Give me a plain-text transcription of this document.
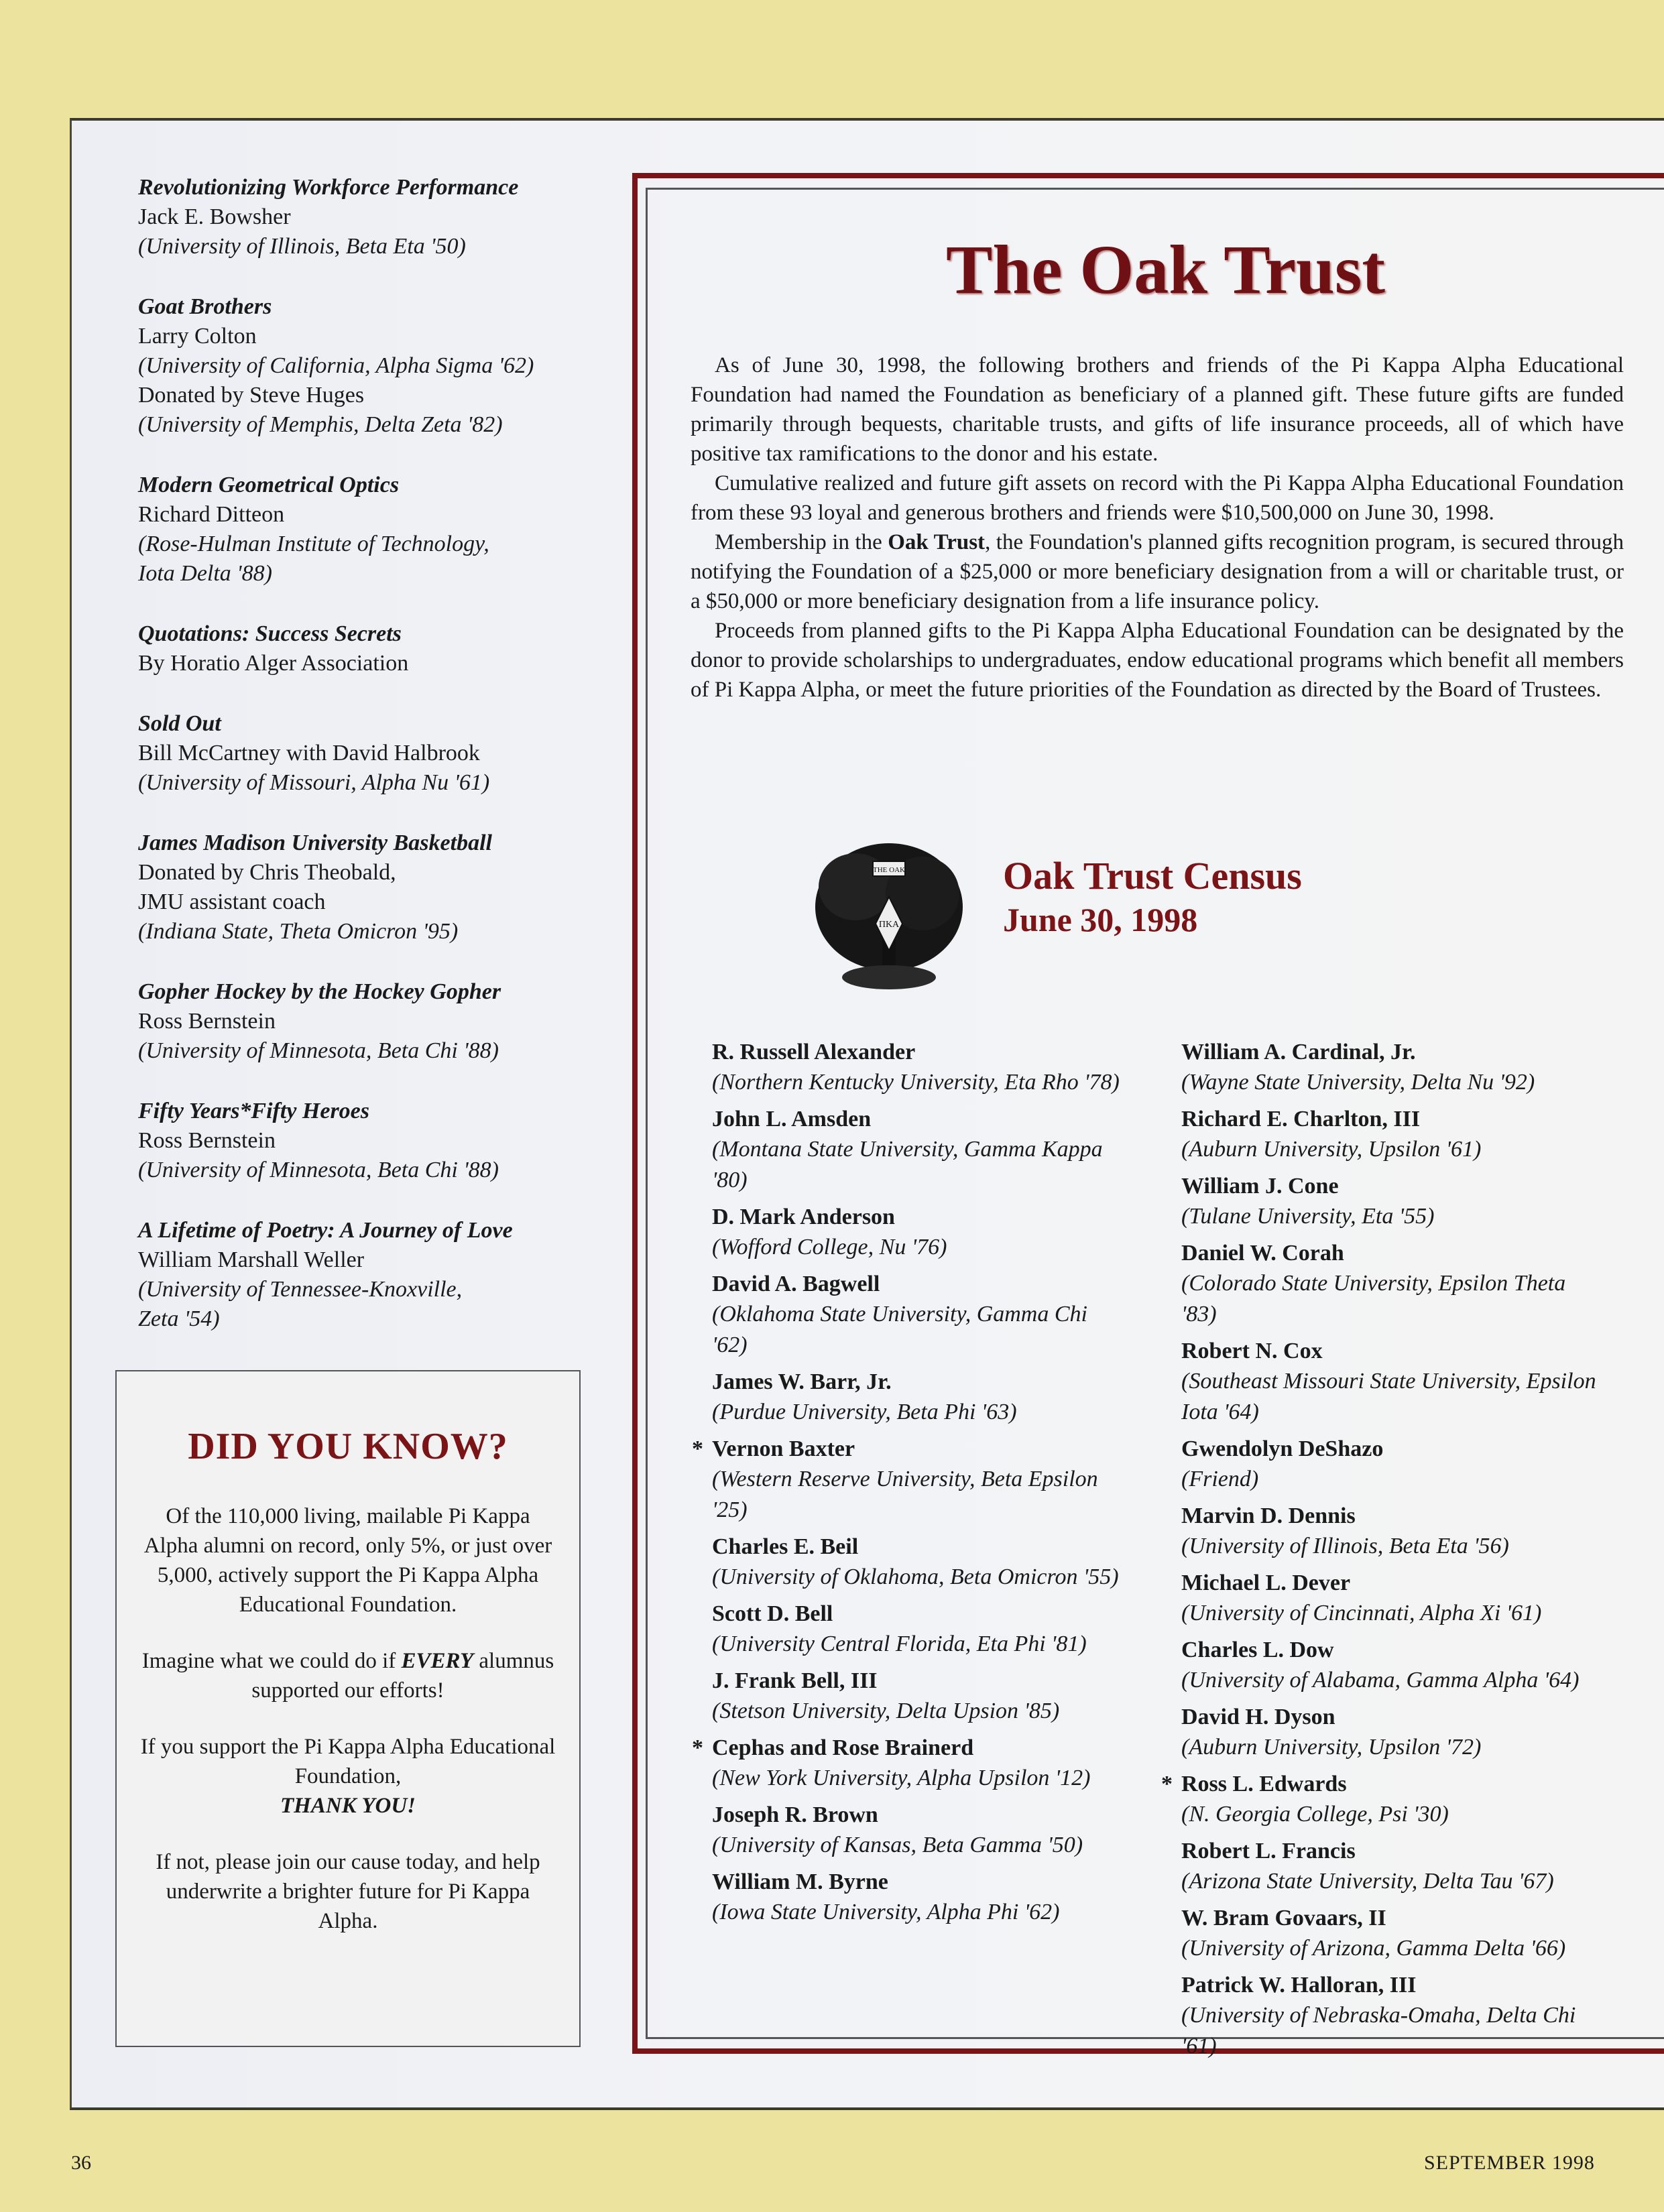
Revolutionizing Workforce Performance
Jack E. Bowsher
(University of Illinois, Beta Eta '50)
Goat Brothers
Larry Colton
(University of California, Alpha Sigma '62)
Donated by Steve Huges
(University of Memphis, Delta Zeta '82)
Modern Geometrical Optics
Richard Ditteon
(Rose-Hulman Institute of Technology,
Iota Delta '88)
Quotations: Success Secrets
By Horatio Alger Association
Sold Out
Bill McCartney with David Halbrook
(University of Missouri, Alpha Nu '61)
James Madison University Basketball
Donated by Chris Theobald,
JMU assistant coach
(Indiana State, Theta Omicron '95)
Gopher Hockey by the Hockey Gopher
Ross Bernstein
(University of Minnesota, Beta Chi '88)
Fifty Years*Fifty Heroes
Ross Bernstein
(University of Minnesota, Beta Chi '88)
A Lifetime of Poetry: A Journey of Love
William Marshall Weller
(University of Tennessee-Knoxville,
Zeta '54)
DID YOU KNOW?

Of the 110,000 living, mailable Pi Kappa Alpha alumni on record, only 5%, or just over 5,000, actively support the Pi Kappa Alpha Educational Foundation.

Imagine what we could do if EVERY alumnus supported our efforts!

If you support the Pi Kappa Alpha Educational Foundation,
THANK YOU!

If not, please join our cause today, and help underwrite a brighter future for Pi Kappa Alpha.

The Oak Trust

As of June 30, 1998, the following brothers and friends of the Pi Kappa Alpha Educational Foundation had named the Foundation as beneficiary of a planned gift. These future gifts are funded primarily through bequests, charitable trusts, and gifts of life insurance proceeds, all of which have positive tax ramifications to the donor and his estate.

Cumulative realized and future gift assets on record with the Pi Kappa Alpha Educational Foundation from these 93 loyal and generous brothers and friends were $10,500,000 on June 30, 1998.

Membership in the Oak Trust, the Foundation's planned gifts recognition program, is secured through notifying the Foundation of a $25,000 or more beneficiary designation from a will or charitable trust, or a $50,000 or more beneficiary designation from a life insurance policy.

Proceeds from planned gifts to the Pi Kappa Alpha Educational Foundation can be designated by the donor to provide scholarships to undergraduates, endow educational programs which benefit all members of Pi Kappa Alpha, or meet the future priorities of the Foundation as directed by the Board of Trustees.

THE OAK
ΠΚΑ
Oak Trust Census
June 30, 1998
R. Russell Alexander
(Northern Kentucky University, Eta Rho '78)
John L. Amsden
(Montana State University, Gamma Kappa '80)
D. Mark Anderson
(Wofford College, Nu '76)
David A. Bagwell
(Oklahoma State University, Gamma Chi '62)
James W. Barr, Jr.
(Purdue University, Beta Phi '63)
* Vernon Baxter
(Western Reserve University, Beta Epsilon '25)
Charles E. Beil
(University of Oklahoma, Beta Omicron '55)
Scott D. Bell
(University Central Florida, Eta Phi '81)
J. Frank Bell, III
(Stetson University, Delta Upsion '85)
* Cephas and Rose Brainerd
(New York University, Alpha Upsilon '12)
Joseph R. Brown
(University of Kansas, Beta Gamma '50)
William M. Byrne
(Iowa State University, Alpha Phi '62)
William A. Cardinal, Jr.
(Wayne State University, Delta Nu '92)
Richard E. Charlton, III
(Auburn University, Upsilon '61)
William J. Cone
(Tulane University, Eta '55)
Daniel W. Corah
(Colorado State University, Epsilon Theta '83)
Robert N. Cox
(Southeast Missouri State University, Epsilon Iota '64)
Gwendolyn DeShazo
(Friend)
Marvin D. Dennis
(University of Illinois, Beta Eta '56)
Michael L. Dever
(University of Cincinnati, Alpha Xi '61)
Charles L. Dow
(University of Alabama, Gamma Alpha '64)
David H. Dyson
(Auburn University, Upsilon '72)
* Ross L. Edwards
(N. Georgia College, Psi '30)
Robert L. Francis
(Arizona State University, Delta Tau '67)
W. Bram Govaars, II
(University of Arizona, Gamma Delta '66)
Patrick W. Halloran, III
(University of Nebraska-Omaha, Delta Chi '61)
36	SEPTEMBER 1998
